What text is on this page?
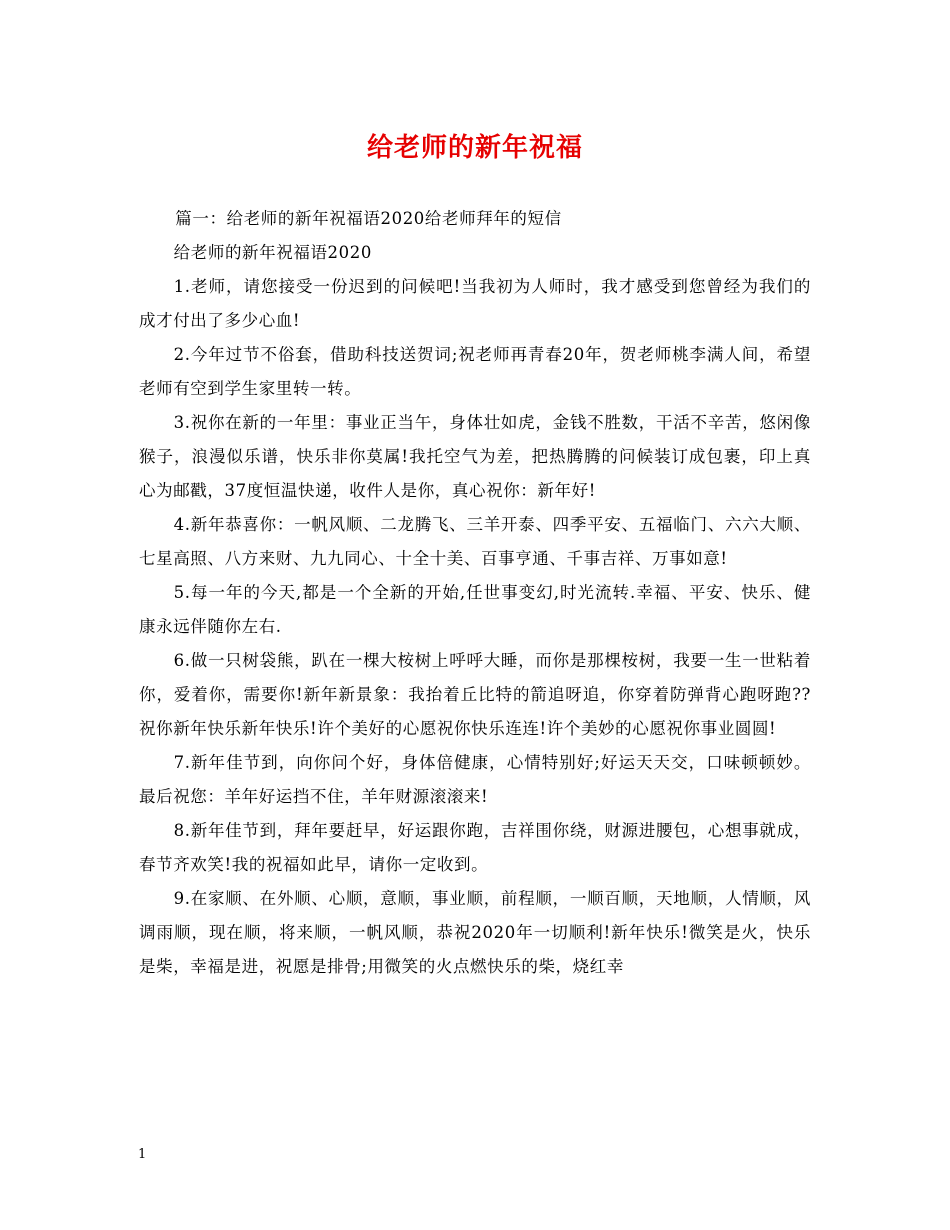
给老师的新年祝福

篇一：给老师的新年祝福语2020给老师拜年的短信

给老师的新年祝福语2020

1.老师，请您接受一份迟到的问候吧!当我初为人师时，我才感受到您曾经为我们的成才付出了多少心血!

2.今年过节不俗套，借助科技送贺词;祝老师再青春20年，贺老师桃李满人间，希望老师有空到学生家里转一转。

3.祝你在新的一年里：事业正当午，身体壮如虎，金钱不胜数，干活不辛苦，悠闲像猴子，浪漫似乐谱，快乐非你莫属!我托空气为差，把热腾腾的问候装订成包裹，印上真心为邮戳，37度恒温快递，收件人是你，真心祝你：新年好!

4.新年恭喜你：一帆风顺、二龙腾飞、三羊开泰、四季平安、五福临门、六六大顺、七星高照、八方来财、九九同心、十全十美、百事亨通、千事吉祥、万事如意!

5.每一年的今天,都是一个全新的开始,任世事变幻,时光流转.幸福、平安、快乐、健康永远伴随你左右.

6.做一只树袋熊，趴在一棵大桉树上呼呼大睡，而你是那棵桉树，我要一生一世粘着你，爱着你，需要你!新年新景象：我抬着丘比特的箭追呀追，你穿着防弹背心跑呀跑??祝你新年快乐新年快乐!许个美好的心愿祝你快乐连连!许个美妙的心愿祝你事业圆圆!

7.新年佳节到，向你问个好，身体倍健康，心情特别好;好运天天交，口味顿顿妙。最后祝您：羊年好运挡不住，羊年财源滚滚来!

8.新年佳节到，拜年要赶早，好运跟你跑，吉祥围你绕，财源进腰包，心想事就成，春节齐欢笑!我的祝福如此早，请你一定收到。

9.在家顺、在外顺、心顺，意顺，事业顺，前程顺，一顺百顺，天地顺，人情顺，风调雨顺，现在顺，将来顺，一帆风顺，恭祝2020年一切顺利!新年快乐!微笑是火，快乐是柴，幸福是进，祝愿是排骨;用微笑的火点燃快乐的柴，烧红幸

1
